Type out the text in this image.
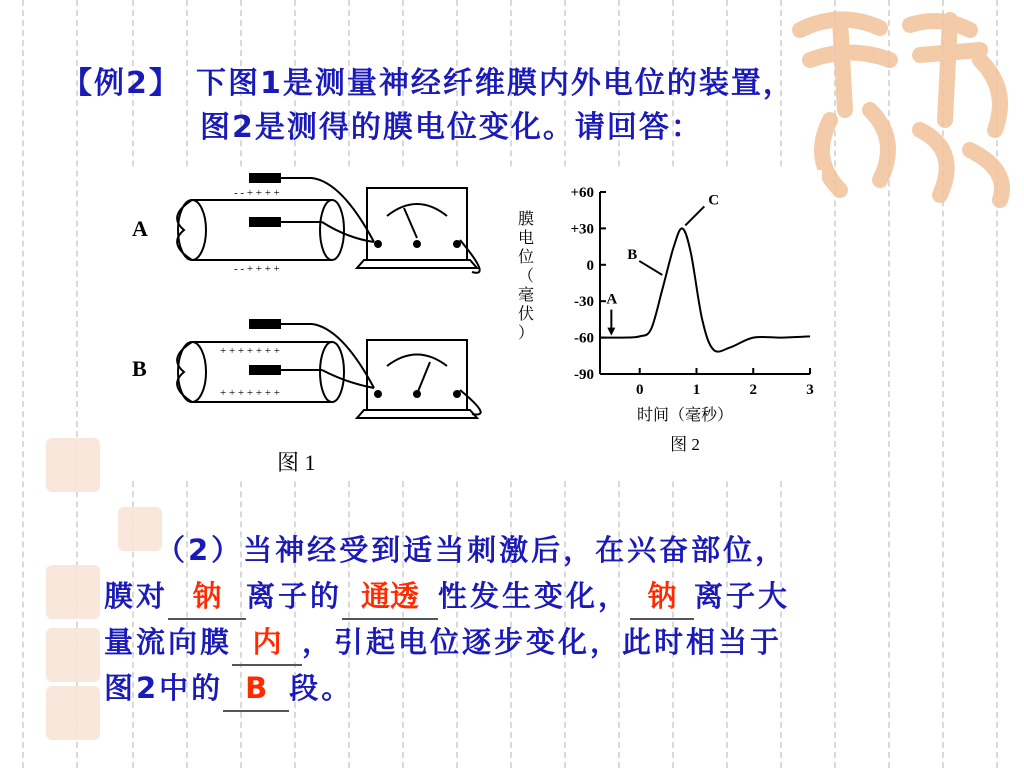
【例2】 下图1是测量神经纤维膜内外电位的装置，
图2是测得的膜电位变化。请回答：
- - + + + +
- - + + + +
+ + + + + + +
+ + + + + + +
A
B
图 1
+60
+30
0
-30
-60
-90
0	1	2	3
膜
电
位
（
毫
伏
）
时间（毫秒）
图 2
A
B
C
（2）当神经受到适当刺激后，在兴奋部位，
膜对 钠 离子的 通透 性发生变化， 钠 离子大
量流向膜 内 ，引起电位逐步变化，此时相当于
图2中的 B 段。
